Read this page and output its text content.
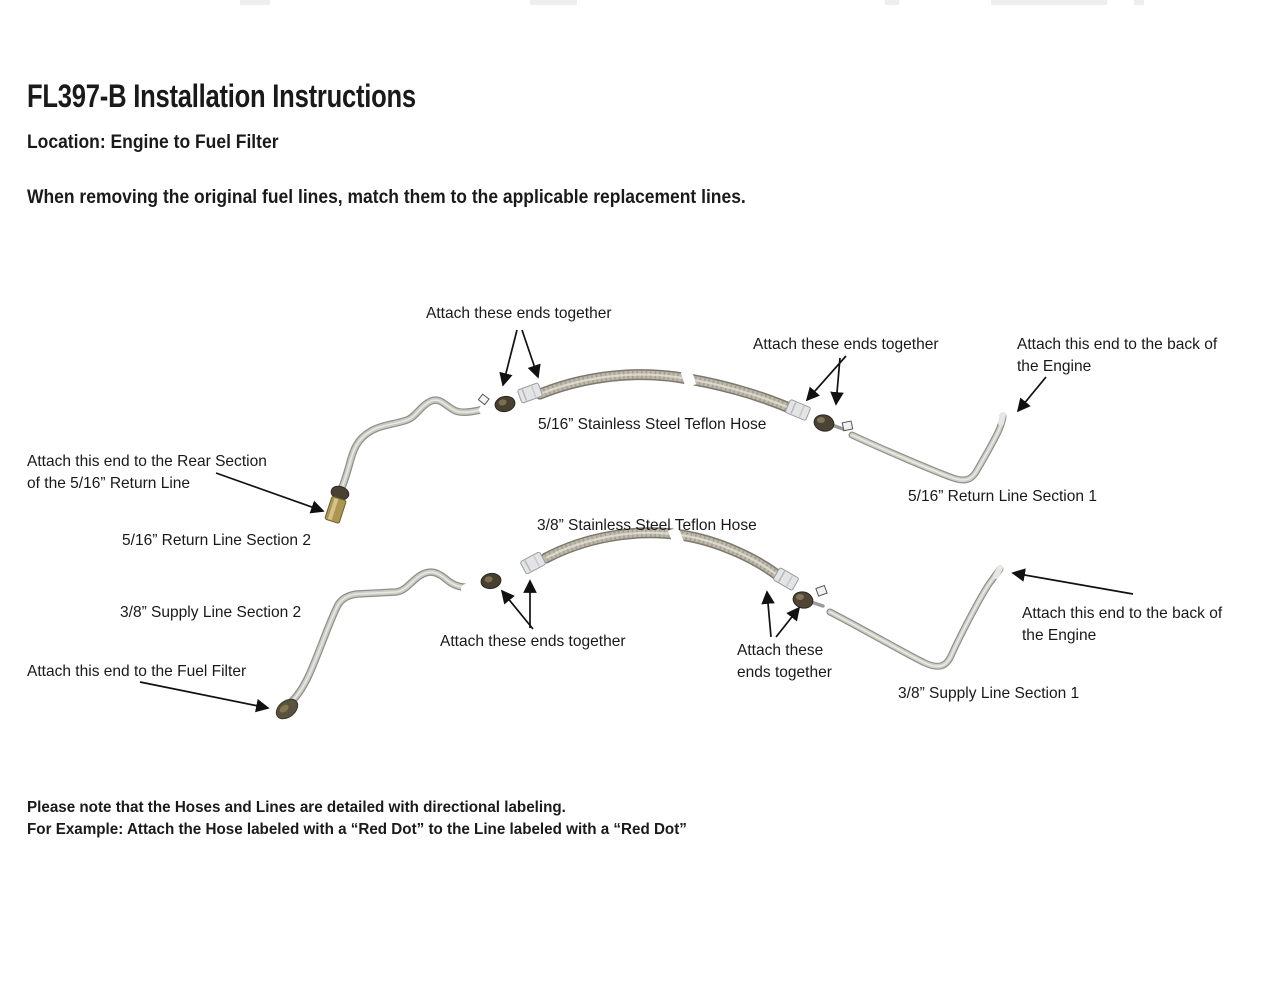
FL397-B Installation Instructions
Location: Engine to Fuel Filter
When removing the original fuel lines, match them to the applicable replacement lines.
Attach these ends together
Attach these ends together	Attach this end to the back of
the Engine
5/16” Stainless Steel Teflon Hose
Attach this end to the Rear Section
of the 5/16” Return Line
5/16” Return Line Section 2
5/16” Return Line Section 1
3/8” Stainless Steel Teflon Hose
3/8” Supply Line Section 2
Attach these ends together
Attach these
ends together
Attach this end to the back of
the Engine
Attach this end to the Fuel Filter
3/8” Supply Line Section 1
Please note that the Hoses and Lines are detailed with directional labeling.
For Example: Attach the Hose labeled with a “Red Dot” to the Line labeled with a “Red Dot”
